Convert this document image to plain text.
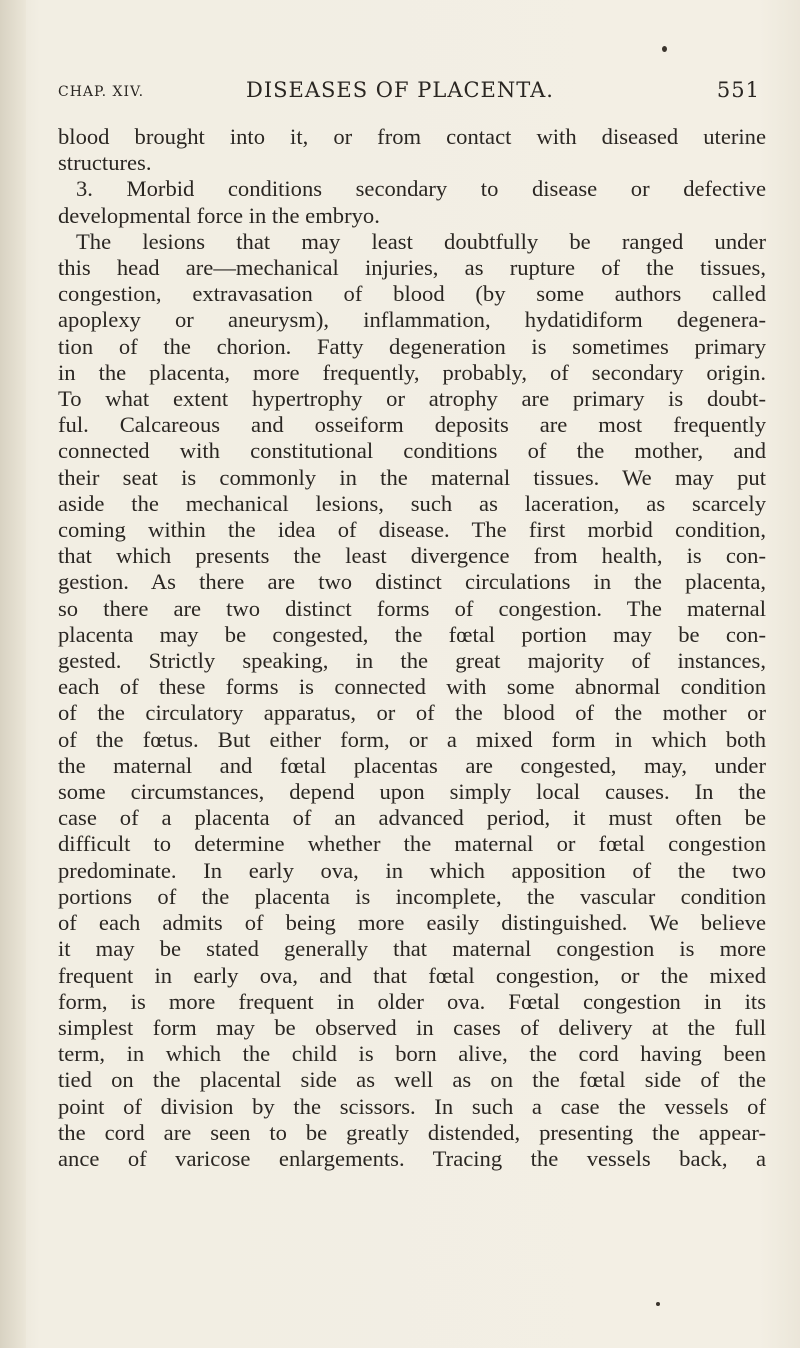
CHAP. XIV.	DISEASES OF PLACENTA.	551
blood brought into it, or from contact with diseased uterine
structures.
3. Morbid conditions secondary to disease or defective
developmental force in the embryo.
The lesions that may least doubtfully be ranged under
this head are—mechanical injuries, as rupture of the tissues,
congestion, extravasation of blood (by some authors called
apoplexy or aneurysm), inflammation, hydatidiform degenera-
tion of the chorion. Fatty degeneration is sometimes primary
in the placenta, more frequently, probably, of secondary origin.
To what extent hypertrophy or atrophy are primary is doubt-
ful. Calcareous and osseiform deposits are most frequently
connected with constitutional conditions of the mother, and
their seat is commonly in the maternal tissues. We may put
aside the mechanical lesions, such as laceration, as scarcely
coming within the idea of disease. The first morbid condition,
that which presents the least divergence from health, is con-
gestion. As there are two distinct circulations in the placenta,
so there are two distinct forms of congestion. The maternal
placenta may be congested, the fœtal portion may be con-
gested. Strictly speaking, in the great majority of instances,
each of these forms is connected with some abnormal condition
of the circulatory apparatus, or of the blood of the mother or
of the fœtus. But either form, or a mixed form in which both
the maternal and fœtal placentas are congested, may, under
some circumstances, depend upon simply local causes. In the
case of a placenta of an advanced period, it must often be
difficult to determine whether the maternal or fœtal congestion
predominate. In early ova, in which apposition of the two
portions of the placenta is incomplete, the vascular condition
of each admits of being more easily distinguished. We believe
it may be stated generally that maternal congestion is more
frequent in early ova, and that fœtal congestion, or the mixed
form, is more frequent in older ova. Fœtal congestion in its
simplest form may be observed in cases of delivery at the full
term, in which the child is born alive, the cord having been
tied on the placental side as well as on the fœtal side of the
point of division by the scissors. In such a case the vessels of
the cord are seen to be greatly distended, presenting the appear-
ance of varicose enlargements. Tracing the vessels back, a
